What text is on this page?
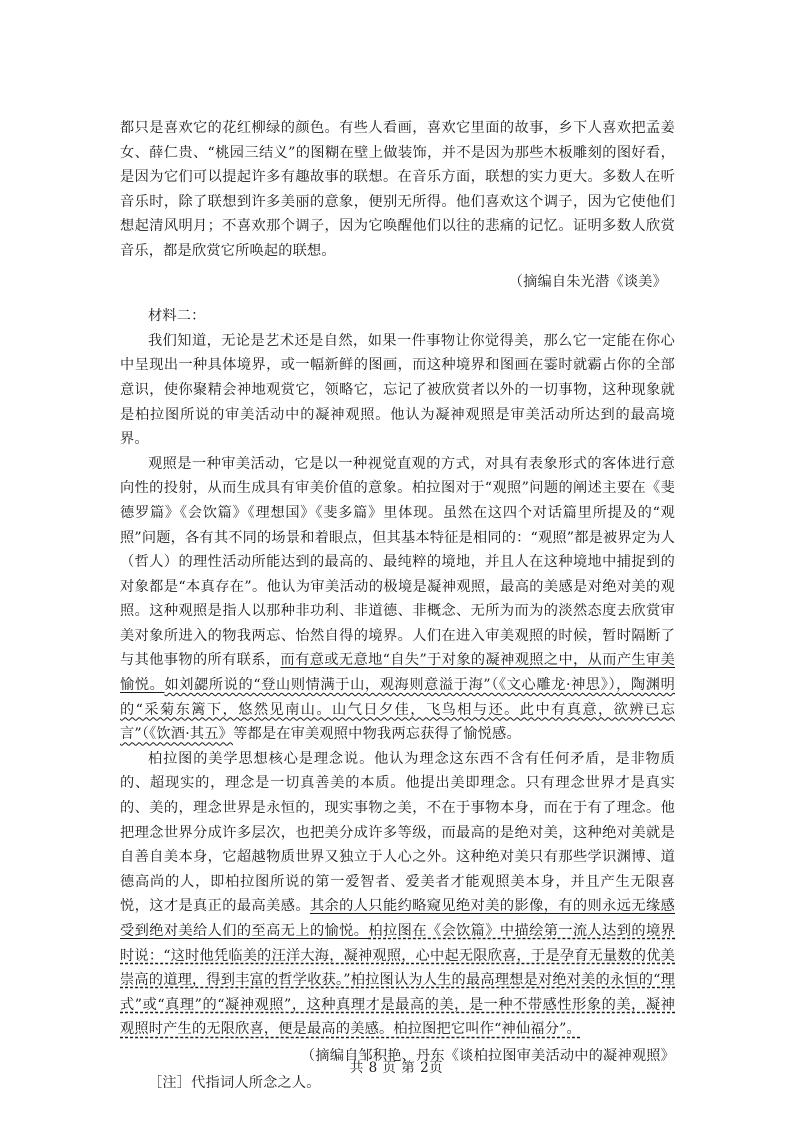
都只是喜欢它的花红柳绿的颜色。有些人看画，喜欢它里面的故事，乡下人喜欢把孟姜女、薛仁贵、“桃园三结义”的图糊在壁上做装饰，并不是因为那些木板雕刻的图好看，是因为它们可以提起许多有趣故事的联想。在音乐方面，联想的实力更大。多数人在听音乐时，除了联想到许多美丽的意象，便别无所得。他们喜欢这个调子，因为它使他们想起清风明月；不喜欢那个调子，因为它唤醒他们以往的悲痛的记忆。证明多数人欣赏音乐，都是欣赏它所唤起的联想。

（摘编自朱光潜《谈美》

材料二：

我们知道，无论是艺术还是自然，如果一件事物让你觉得美，那么它一定能在你心中呈现出一种具体境界，或一幅新鲜的图画，而这种境界和图画在霎时就霸占你的全部意识，使你聚精会神地观赏它，领略它，忘记了被欣赏者以外的一切事物，这种现象就是柏拉图所说的审美活动中的凝神观照。他认为凝神观照是审美活动所达到的最高境界。

观照是一种审美活动，它是以一种视觉直观的方式，对具有表象形式的客体进行意向性的投射，从而生成具有审美价值的意象。柏拉图对于“观照”问题的阐述主要在《斐德罗篇》《会饮篇》《理想国》《斐多篇》里体现。虽然在这四个对话篇里所提及的“观照”问题，各有其不同的场景和着眼点，但其基本特征是相同的：“观照”都是被界定为人（哲人）的理性活动所能达到的最高的、最纯粹的境地，并且人在这种境地中捕捉到的对象都是“本真存在”。他认为审美活动的极境是凝神观照，最高的美感是对绝对美的观照。这种观照是指人以那种非功利、非道德、非概念、无所为而为的淡然态度去欣赏审美对象所进入的物我两忘、怡然自得的境界。人们在进入审美观照的时候，暂时隔断了与其他事物的所有联系，而有意或无意地“自失”于对象的凝神观照之中，从而产生审美愉悦。如刘勰所说的“登山则情满于山，观海则意溢于海”（《文心雕龙·神思》），陶渊明的“采菊东篱下，悠然见南山。山气日夕佳，飞鸟相与还。此中有真意，欲辨已忘言”（《饮酒·其五》等都是在审美观照中物我两忘获得了愉悦感。

柏拉图的美学思想核心是理念说。他认为理念这东西不含有任何矛盾，是非物质的、超现实的，理念是一切真善美的本质。他提出美即理念。只有理念世界才是真实的、美的，理念世界是永恒的，现实事物之美，不在于事物本身，而在于有了理念。他把理念世界分成许多层次，也把美分成许多等级，而最高的是绝对美，这种绝对美就是自善自美本身，它超越物质世界又独立于人心之外。这种绝对美只有那些学识渊博、道德高尚的人，即柏拉图所说的第一爱智者、爱美者才能观照美本身，并且产生无限喜悦，这才是真正的最高美感。其余的人只能约略窥见绝对美的影像，有的则永远无缘感受到绝对美给人们的至高无上的愉悦。柏拉图在《会饮篇》中描绘第一流人达到的境界时说：“这时他凭临美的汪洋大海，凝神观照，心中起无限欣喜，于是孕育无量数的优美崇高的道理，得到丰富的哲学收获。”柏拉图认为人生的最高理想是对绝对美的永恒的“理式”或“真理”的“凝神观照”，这种真理才是最高的美，是一种不带感性形象的美，凝神观照时产生的无限欣喜，便是最高的美感。柏拉图把它叫作“神仙福分”。

（摘编自邹积艳、丹东《谈柏拉图审美活动中的凝神观照》

［注］代指词人所念之人。

共 8 页 第 2页
